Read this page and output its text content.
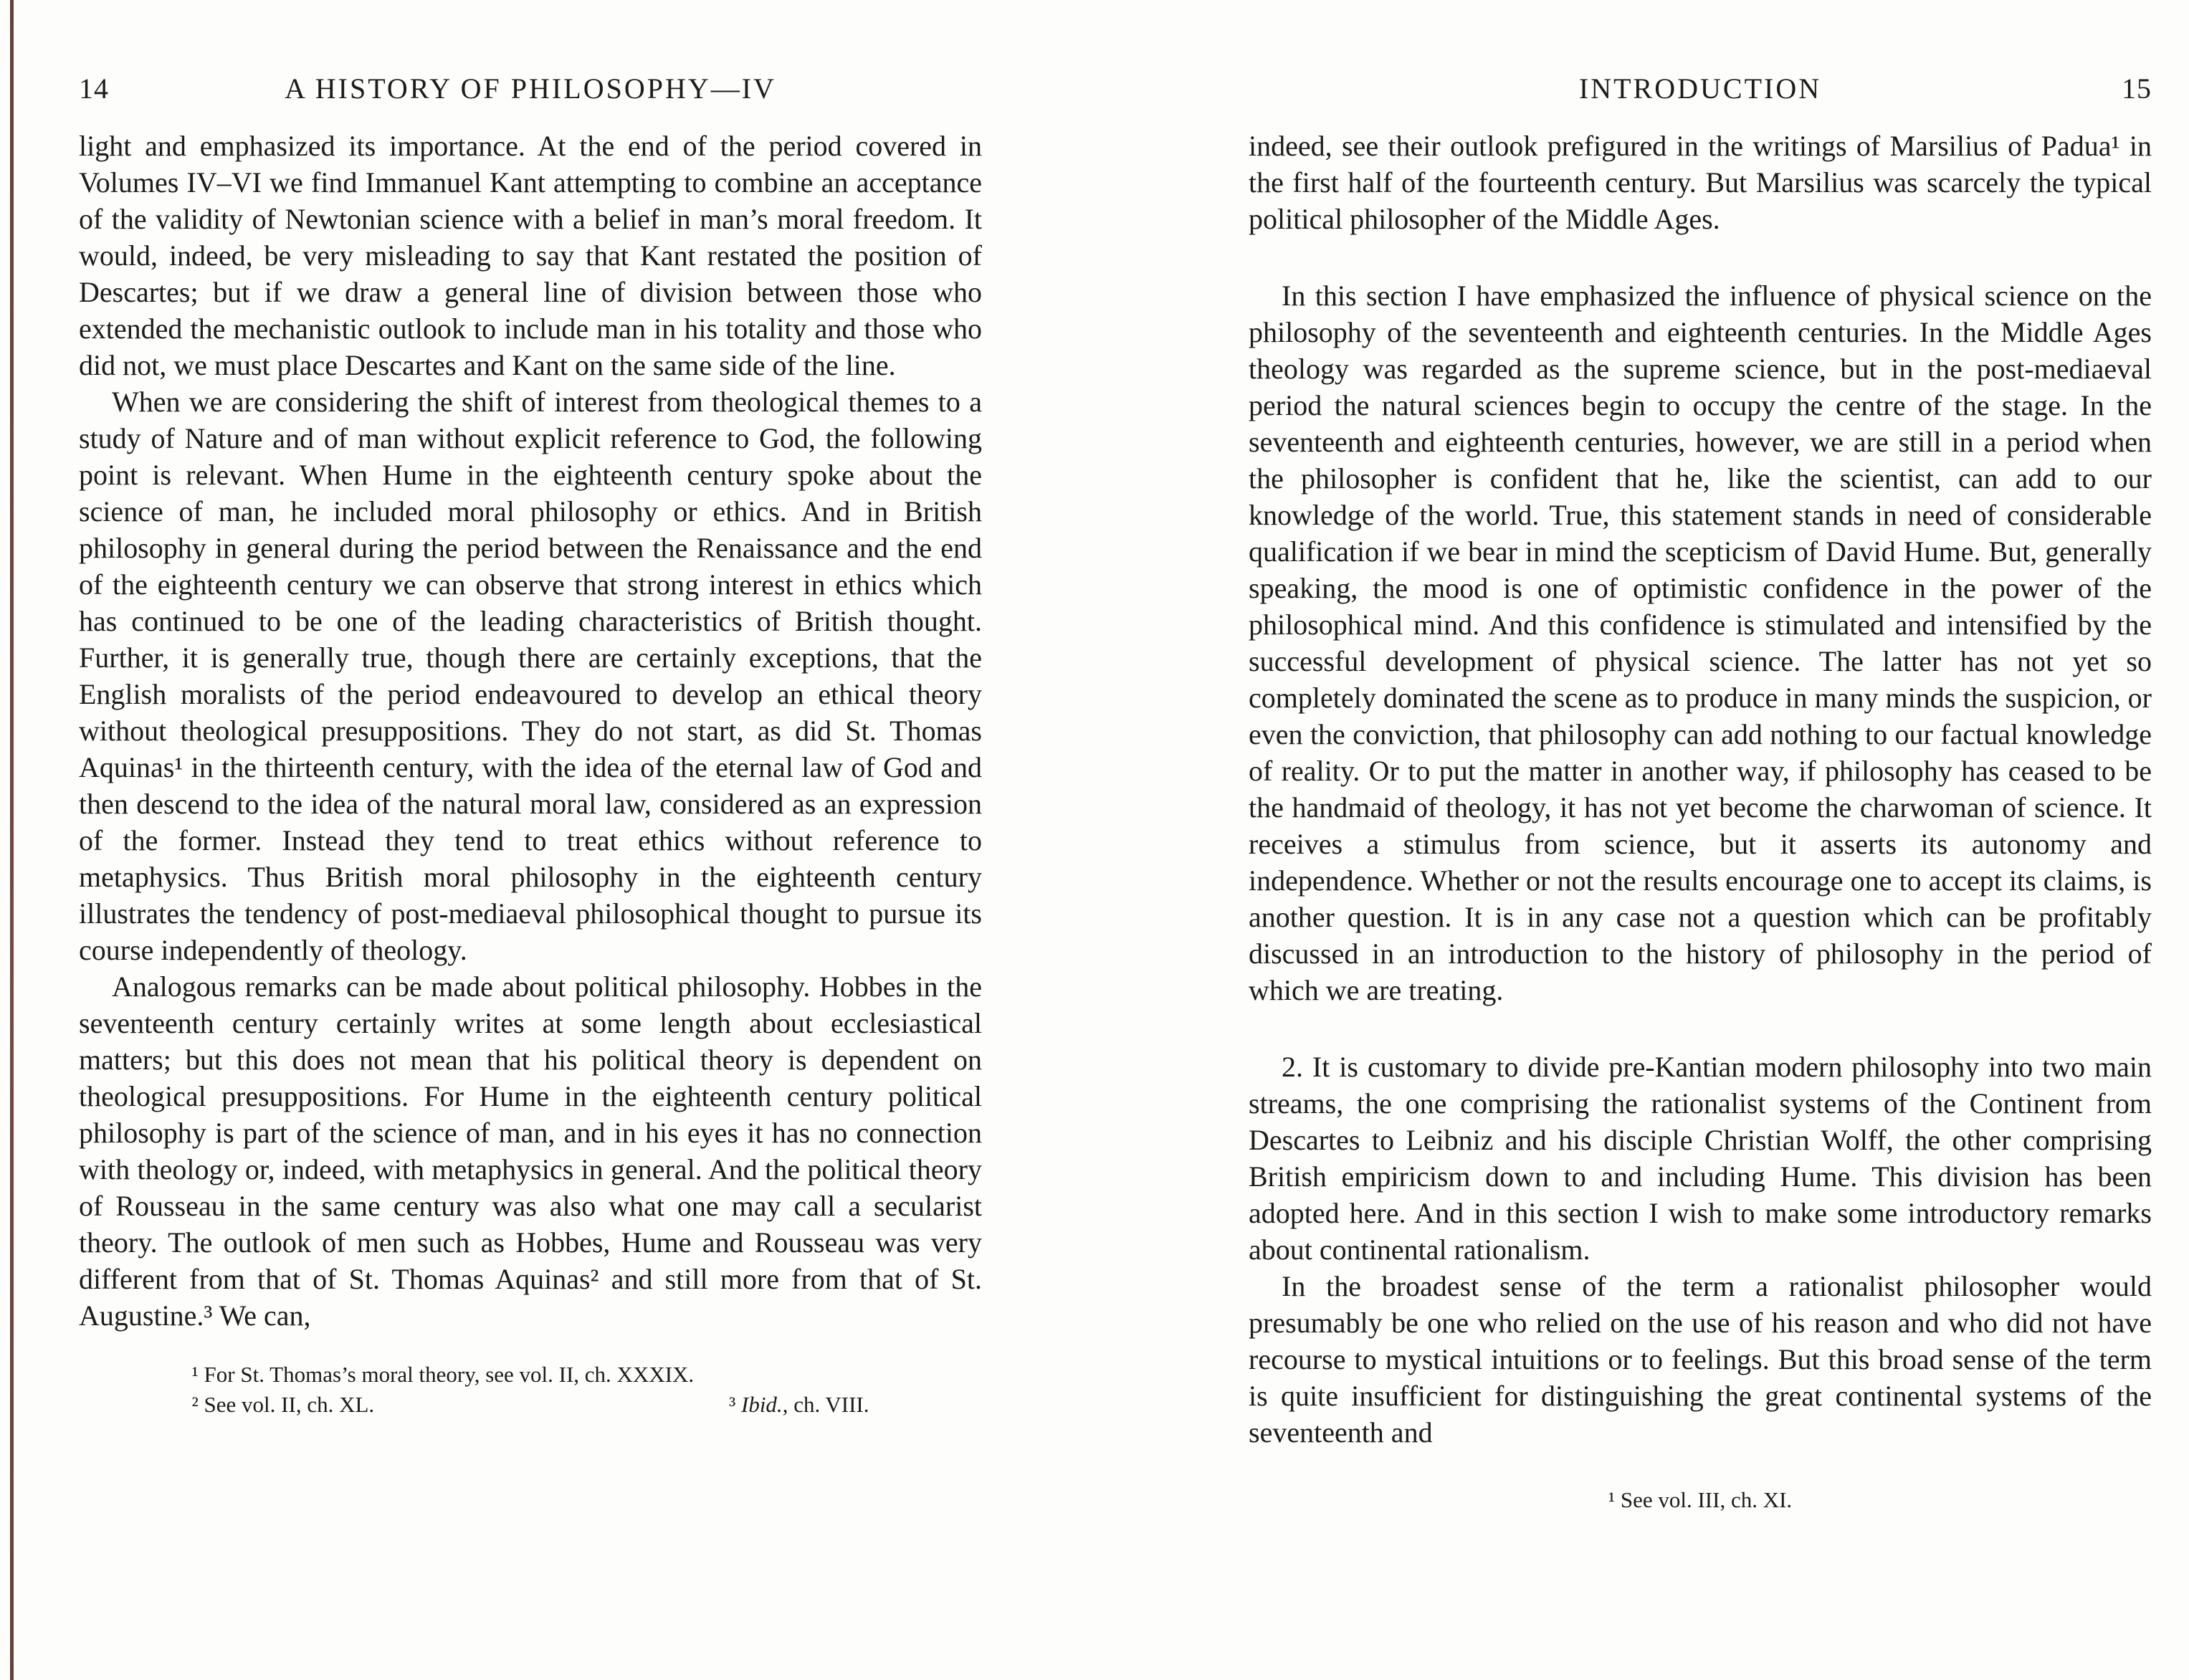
14	A HISTORY OF PHILOSOPHY—IV

light and emphasized its importance. At the end of the period covered in Volumes IV–VI we find Immanuel Kant attempting to combine an acceptance of the validity of Newtonian science with a belief in man’s moral freedom. It would, indeed, be very misleading to say that Kant restated the position of Descartes; but if we draw a general line of division between those who extended the mechanistic outlook to include man in his totality and those who did not, we must place Descartes and Kant on the same side of the line.

When we are considering the shift of interest from theological themes to a study of Nature and of man without explicit reference to God, the following point is relevant. When Hume in the eighteenth century spoke about the science of man, he included moral philosophy or ethics. And in British philosophy in general during the period between the Renaissance and the end of the eighteenth century we can observe that strong interest in ethics which has continued to be one of the leading characteristics of British thought. Further, it is generally true, though there are certainly exceptions, that the English moralists of the period endeavoured to develop an ethical theory without theological presuppositions. They do not start, as did St. Thomas Aquinas¹ in the thirteenth century, with the idea of the eternal law of God and then descend to the idea of the natural moral law, considered as an expression of the former. Instead they tend to treat ethics without reference to metaphysics. Thus British moral philosophy in the eighteenth century illustrates the tendency of post-mediaeval philosophical thought to pursue its course independently of theology.

Analogous remarks can be made about political philosophy. Hobbes in the seventeenth century certainly writes at some length about ecclesiastical matters; but this does not mean that his political theory is dependent on theological presuppositions. For Hume in the eighteenth century political philosophy is part of the science of man, and in his eyes it has no connection with theology or, indeed, with metaphysics in general. And the political theory of Rousseau in the same century was also what one may call a secularist theory. The outlook of men such as Hobbes, Hume and Rousseau was very different from that of St. Thomas Aquinas² and still more from that of St. Augustine.³ We can,

¹ For St. Thomas’s moral theory, see vol. II, ch. XXXIX.
² See vol. II, ch. XL.	³ Ibid., ch. VIII.
INTRODUCTION	15

indeed, see their outlook prefigured in the writings of Marsilius of Padua¹ in the first half of the fourteenth century. But Marsilius was scarcely the typical political philosopher of the Middle Ages.

In this section I have emphasized the influence of physical science on the philosophy of the seventeenth and eighteenth centuries. In the Middle Ages theology was regarded as the supreme science, but in the post-mediaeval period the natural sciences begin to occupy the centre of the stage. In the seventeenth and eighteenth centuries, however, we are still in a period when the philosopher is confident that he, like the scientist, can add to our knowledge of the world. True, this statement stands in need of considerable qualification if we bear in mind the scepticism of David Hume. But, generally speaking, the mood is one of optimistic confidence in the power of the philosophical mind. And this confidence is stimulated and intensified by the successful development of physical science. The latter has not yet so completely dominated the scene as to produce in many minds the suspicion, or even the conviction, that philosophy can add nothing to our factual knowledge of reality. Or to put the matter in another way, if philosophy has ceased to be the handmaid of theology, it has not yet become the charwoman of science. It receives a stimulus from science, but it asserts its autonomy and independence. Whether or not the results encourage one to accept its claims, is another question. It is in any case not a question which can be profitably discussed in an introduction to the history of philosophy in the period of which we are treating.

2. It is customary to divide pre-Kantian modern philosophy into two main streams, the one comprising the rationalist systems of the Continent from Descartes to Leibniz and his disciple Christian Wolff, the other comprising British empiricism down to and including Hume. This division has been adopted here. And in this section I wish to make some introductory remarks about continental rationalism.

In the broadest sense of the term a rationalist philosopher would presumably be one who relied on the use of his reason and who did not have recourse to mystical intuitions or to feelings. But this broad sense of the term is quite insufficient for distinguishing the great continental systems of the seventeenth and

¹ See vol. III, ch. XI.
